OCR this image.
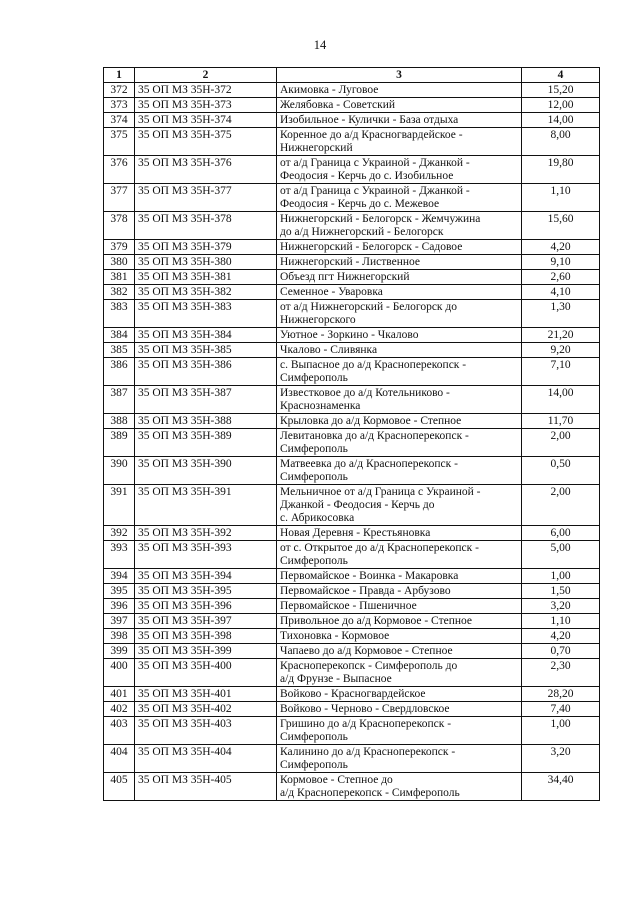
14
1	2	3	4
372	35 ОП МЗ 35Н-372	Акимовка - Луговое	15,20
373	35 ОП МЗ 35Н-373	Желябовка - Советский	12,00
374	35 ОП МЗ 35Н-374	Изобильное - Кулички - База отдыха	14,00
375	35 ОП МЗ 35Н-375	Коренное до а/д Красногвардейское -
Нижнегорский	8,00
376	35 ОП МЗ 35Н-376	от а/д Граница с Украиной - Джанкой -
Феодосия - Керчь до с. Изобильное	19,80
377	35 ОП МЗ 35Н-377	от а/д Граница с Украиной - Джанкой -
Феодосия - Керчь до с. Межевое	1,10
378	35 ОП МЗ 35Н-378	Нижнегорский - Белогорск - Жемчужина
до а/д Нижнегорский - Белогорск	15,60
379	35 ОП МЗ 35Н-379	Нижнегорский - Белогорск - Садовое	4,20
380	35 ОП МЗ 35Н-380	Нижнегорский - Лиственное	9,10
381	35 ОП МЗ 35Н-381	Объезд пгт Нижнегорский	2,60
382	35 ОП МЗ 35Н-382	Семенное - Уваровка	4,10
383	35 ОП МЗ 35Н-383	от а/д Нижнегорский - Белогорск до
Нижнегорского	1,30
384	35 ОП МЗ 35Н-384	Уютное - Зоркино - Чкалово	21,20
385	35 ОП МЗ 35Н-385	Чкалово - Сливянка	9,20
386	35 ОП МЗ 35Н-386	с. Выпасное до а/д Красноперекопск -
Симферополь	7,10
387	35 ОП МЗ 35Н-387	Известковое до а/д Котельниково -
Краснознаменка	14,00
388	35 ОП МЗ 35Н-388	Крыловка до а/д Кормовое - Степное	11,70
389	35 ОП МЗ 35Н-389	Левитановка до а/д Красноперекопск -
Симферополь	2,00
390	35 ОП МЗ 35Н-390	Матвеевка до а/д Красноперекопск -
Симферополь	0,50
391	35 ОП МЗ 35Н-391	Мельничное от а/д Граница с Украиной -
Джанкой - Феодосия - Керчь до
с. Абрикосовка	2,00
392	35 ОП МЗ 35Н-392	Новая Деревня - Крестьяновка	6,00
393	35 ОП МЗ 35Н-393	от с. Открытое до а/д Красноперекопск -
Симферополь	5,00
394	35 ОП МЗ 35Н-394	Первомайское - Воинка - Макаровка	1,00
395	35 ОП МЗ 35Н-395	Первомайское - Правда - Арбузово	1,50
396	35 ОП МЗ 35Н-396	Первомайское - Пшеничное	3,20
397	35 ОП МЗ 35Н-397	Привольное до а/д Кормовое - Степное	1,10
398	35 ОП МЗ 35Н-398	Тихоновка - Кормовое	4,20
399	35 ОП МЗ 35Н-399	Чапаево до а/д Кормовое - Степное	0,70
400	35 ОП МЗ 35Н-400	Красноперекопск - Симферополь до
а/д Фрунзе - Выпасное	2,30
401	35 ОП МЗ 35Н-401	Войково - Красногвардейское	28,20
402	35 ОП МЗ 35Н-402	Войково - Черново - Свердловское	7,40
403	35 ОП МЗ 35Н-403	Гришино до а/д Красноперекопск -
Симферополь	1,00
404	35 ОП МЗ 35Н-404	Калинино до а/д Красноперекопск -
Симферополь	3,20
405	35 ОП МЗ 35Н-405	Кормовое - Степное до
а/д Красноперекопск - Симферополь	34,40
